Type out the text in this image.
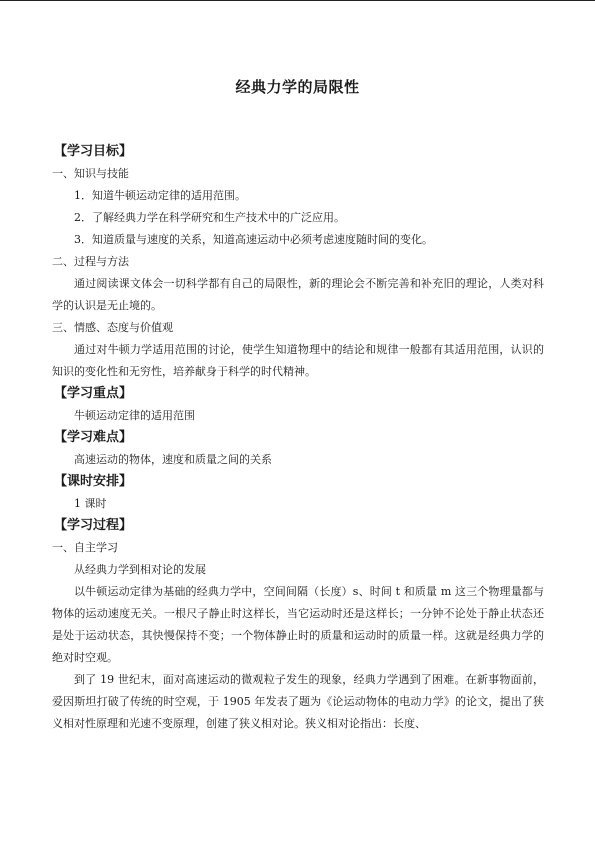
经典力学的局限性
【学习目标】
一、知识与技能
1．知道牛顿运动定律的适用范围。
2．了解经典力学在科学研究和生产技术中的广泛应用。
3．知道质量与速度的关系，知道高速运动中必须考虑速度随时间的变化。
二、过程与方法
通过阅读课文体会一切科学都有自己的局限性，新的理论会不断完善和补充旧的理论，人类对科学的认识是无止境的。
三、情感、态度与价值观
通过对牛顿力学适用范围的讨论，使学生知道物理中的结论和规律一般都有其适用范围，认识的知识的变化性和无穷性，培养献身于科学的时代精神。
【学习重点】
牛顿运动定律的适用范围
【学习难点】
高速运动的物体，速度和质量之间的关系
【课时安排】
1 课时
【学习过程】
一、自主学习
从经典力学到相对论的发展
以牛顿运动定律为基础的经典力学中，空间间隔（长度）s、时间 t 和质量 m 这三个物理量都与物体的运动速度无关。一根尺子静止时这样长，当它运动时还是这样长；一分钟不论处于静止状态还是处于运动状态，其快慢保持不变；一个物体静止时的质量和运动时的质量一样。这就是经典力学的绝对时空观。
到了 19 世纪末，面对高速运动的微观粒子发生的现象，经典力学遇到了困难。在新事物面前，爱因斯坦打破了传统的时空观，于 1905 年发表了题为《论运动物体的电动力学》的论文，提出了狭义相对性原理和光速不变原理，创建了狭义相对论。狭义相对论指出：长度、
